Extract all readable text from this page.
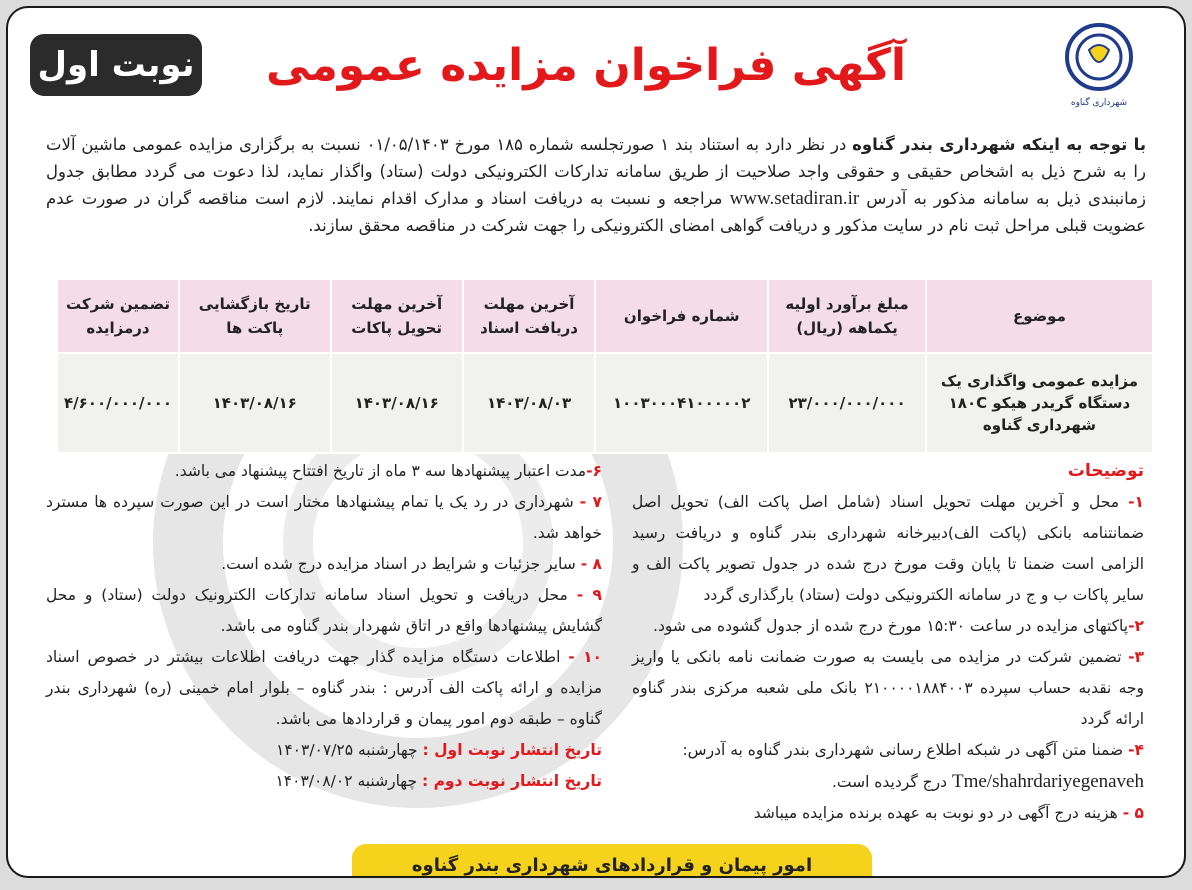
نوبت اول	آگهی فراخوان مزایده عمومی
شهرداری گناوه

با توجه به اینکه شهرداری بندر گناوه در نظر دارد به استناد بند ۱ صورتجلسه شماره ۱۸۵ مورخ ۰۱/۰۵/۱۴۰۳ نسبت به برگزاری مزایده عمومی ماشین آلات را به شرح ذیل به اشخاص حقیقی و حقوقی واجد صلاحیت از طریق سامانه تدارکات الکترونیکی دولت (ستاد) واگذار نماید، لذا دعوت می گردد مطابق جدول زمانبندی ذیل به سامانه مذکور به آدرس www.setadiran.ir مراجعه و نسبت به دریافت اسناد و مدارک اقدام نمایند. لازم است مناقصه گران در صورت عدم عضویت قبلی مراحل ثبت نام در سایت مذکور و دریافت گواهی امضای الکترونیکی را جهت شرکت در مناقصه محقق سازند.

موضوع	مبلغ برآورد اولیه یکماهه (ریال)	شماره فراخوان	آخرین مهلت دریافت اسناد	آخرین مهلت تحویل پاکات	تاریخ بازگشایی پاکت ها	تضمین شرکت درمزایده
مزایده عمومی واگذاری یک دستگاه گریدر هیکو ۱۸۰C شهرداری گناوه	۲۳/۰۰۰/۰۰۰/۰۰۰	۱۰۰۳۰۰۰۴۱۰۰۰۰۰۲	۱۴۰۳/۰۸/۰۳	۱۴۰۳/۰۸/۱۶	۱۴۰۳/۰۸/۱۶	۴/۶۰۰/۰۰۰/۰۰۰

توضیحات

۱- محل و آخرین مهلت تحویل اسناد (شامل اصل پاکت الف) تحویل اصل ضمانتنامه بانکی (پاکت الف)دبیرخانه شهرداری بندر گناوه و دریافت رسید الزامی است ضمنا تا پایان وقت مورخ درج شده در جدول تصویر پاکت الف و سایر پاکات ب و ج در سامانه الکترونیکی دولت (ستاد) بارگذاری گردد

۲-پاکتهای مزایده در ساعت ۱۵:۳۰ مورخ درج شده از جدول گشوده می شود.

۳- تضمین شرکت در مزایده می بایست به صورت ضمانت نامه بانکی یا واریز وجه نقدبه حساب سپرده ۲۱۰۰۰۰۱۸۸۴۰۰۳ بانک ملی شعبه مرکزی بندر گناوه ارائه گردد

۴- ضمنا متن آگهی در شبکه اطلاع رسانی شهرداری بندر گناوه به آدرس:
Tme/shahrdariyegenaveh درج گردیده است.

۵ - هزینه درج آگهی در دو نوبت به عهده برنده مزایده میباشد

۶-مدت اعتبار پیشنهادها سه ۳ ماه از تاریخ افتتاح پیشنهاد می باشد.

۷ - شهرداری در رد یک یا تمام پیشنهادها مختار است در این صورت سپرده ها مسترد خواهد شد.

۸ - سایر جزئیات و شرایط در اسناد مزایده درج شده است.

۹ - محل دریافت و تحویل اسناد سامانه تدارکات الکترونیک دولت (ستاد) و محل گشایش پیشنهادها واقع در اتاق شهردار بندر گناوه می باشد.

۱۰ - اطلاعات دستگاه مزایده گذار جهت دریافت اطلاعات بیشتر در خصوص اسناد مزایده و ارائه پاکت الف آدرس : بندر گناوه – بلوار امام خمینی (ره) شهرداری بندر گناوه – طبقه دوم امور پیمان و قراردادها می باشد.

تاریخ انتشار نوبت اول : چهارشنبه ۱۴۰۳/۰۷/۲۵

تاریخ انتشار نوبت دوم : چهارشنبه ۱۴۰۳/۰۸/۰۲

امور پیمان و قراردادهای شهرداری بندر گناوه
